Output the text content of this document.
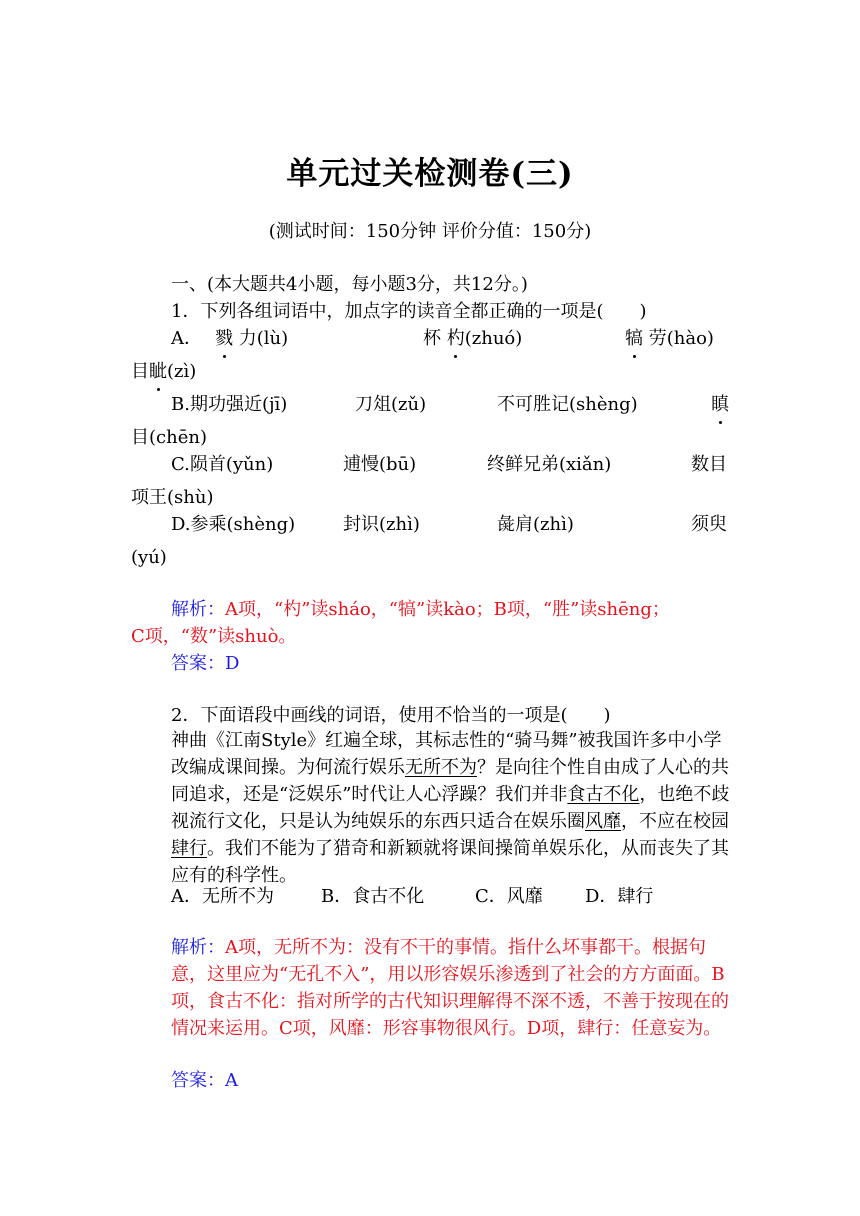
单元过关检测卷(三)
(测试时间：150分钟 评价分值：150分)
一、(本大题共4小题，每小题3分，共12分。)
1．下列各组词语中，加点字的读音全都正确的一项是(　　)
A． 戮 力(lù)	杯 杓(zhuó)	犒 劳(hào)
目眦(zì)
B.期功强近(jī)	刀俎(zǔ)	不可胜记(shèng)	瞋
目(chēn)
C.陨首(yǔn)	逋慢(bū)	终鲜兄弟(xiǎn)	数目
项王(shù)
D.参乘(shèng)	封识(zhì)	彘肩(zhì)	须臾
(yú)
解析：A项，“杓”读sháo，“犒”读kào；B项，“胜”读shēng；
C项，“数”读shuò。
答案：D
2．下面语段中画线的词语，使用不恰当的一项是(　　)
神曲《江南Style》红遍全球，其标志性的“骑马舞”被我国许多中小学改编成课间操。为何流行娱乐无所不为？是向往个性自由成了人心的共同追求，还是“泛娱乐”时代让人心浮躁？我们并非食古不化，也绝不歧视流行文化，只是认为纯娱乐的东西只适合在娱乐圈风靡，不应在校园肆行。我们不能为了猎奇和新颖就将课间操简单娱乐化，从而丧失了其应有的科学性。
A．无所不为	B．食古不化	C．风靡 D．肆行
解析：A项，无所不为：没有不干的事情。指什么坏事都干。根据句意，这里应为“无孔不入”，用以形容娱乐渗透到了社会的方方面面。B项，食古不化：指对所学的古代知识理解得不深不透，不善于按现在的情况来运用。C项，风靡：形容事物很风行。D项，肆行：任意妄为。
答案：A
